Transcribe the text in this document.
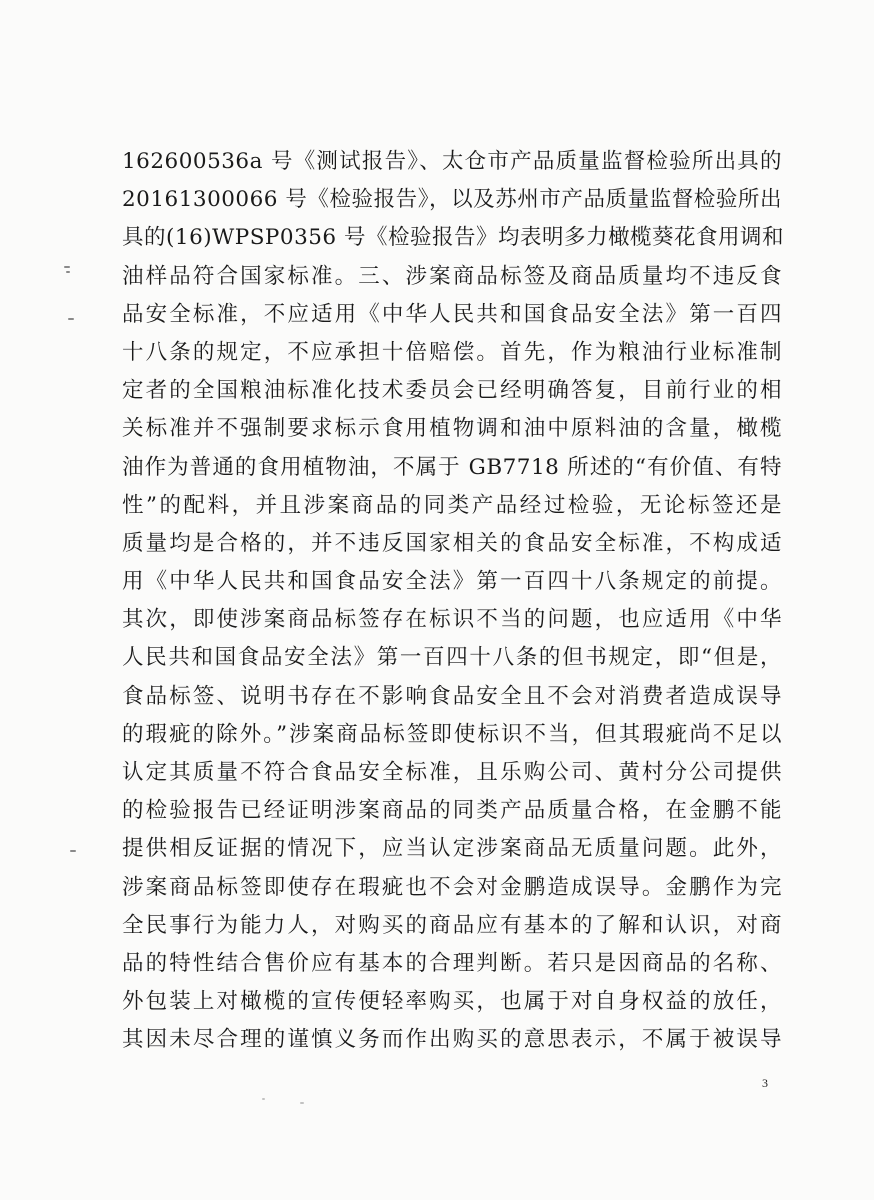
162600536a 号《测试报告》、太仓市产品质量监督检验所出具的
20161300066 号《检验报告》，以及苏州市产品质量监督检验所出
具的(16)WPSP0356 号《检验报告》均表明多力橄榄葵花食用调和
油样品符合国家标准。三、涉案商品标签及商品质量均不违反食
品安全标准，不应适用《中华人民共和国食品安全法》第一百四
十八条的规定，不应承担十倍赔偿。首先，作为粮油行业标准制
定者的全国粮油标准化技术委员会已经明确答复，目前行业的相
关标准并不强制要求标示食用植物调和油中原料油的含量，橄榄
油作为普通的食用植物油，不属于 GB7718 所述的“有价值、有特
性”的配料，并且涉案商品的同类产品经过检验，无论标签还是
质量均是合格的，并不违反国家相关的食品安全标准，不构成适
用《中华人民共和国食品安全法》第一百四十八条规定的前提。
其次，即使涉案商品标签存在标识不当的问题，也应适用《中华
人民共和国食品安全法》第一百四十八条的但书规定，即“但是，
食品标签、说明书存在不影响食品安全且不会对消费者造成误导
的瑕疵的除外。”涉案商品标签即使标识不当，但其瑕疵尚不足以
认定其质量不符合食品安全标准，且乐购公司、黄村分公司提供
的检验报告已经证明涉案商品的同类产品质量合格，在金鹏不能
提供相反证据的情况下，应当认定涉案商品无质量问题。此外，
涉案商品标签即使存在瑕疵也不会对金鹏造成误导。金鹏作为完
全民事行为能力人，对购买的商品应有基本的了解和认识，对商
品的特性结合售价应有基本的合理判断。若只是因商品的名称、
外包装上对橄榄的宣传便轻率购买，也属于对自身权益的放任，
其因未尽合理的谨慎义务而作出购买的意思表示，不属于被误导
3
